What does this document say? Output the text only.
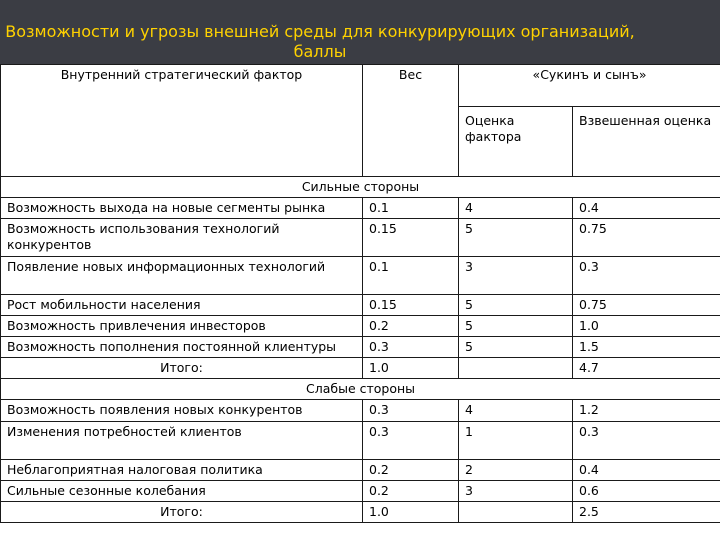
Возможности и угрозы внешней среды для конкурирующих организаций, баллы
Внутренний стратегический фактор	Вес	«Сукинъ и сынъ»	
		Оценка фактора	Взвешенная оценка
Сильные стороны			
Возможность выхода на новые сегменты рынка	0.1	4	0.4
Возможность использования технологий конкурентов	0.15	5	0.75
Появление новых информационных технологий	0.1	3	0.3
Рост мобильности населения	0.15	5	0.75
Возможность привлечения инвесторов	0.2	5	1.0
Возможность пополнения постоянной клиентуры	0.3	5	1.5
Итого:	1.0		4.7
Слабые стороны			
Возможность появления новых конкурентов	0.3	4	1.2
Изменения потребностей клиентов	0.3	1	0.3
Неблагоприятная налоговая политика	0.2	2	0.4
Сильные сезонные колебания	0.2	3	0.6
Итого:	1.0		2.5
